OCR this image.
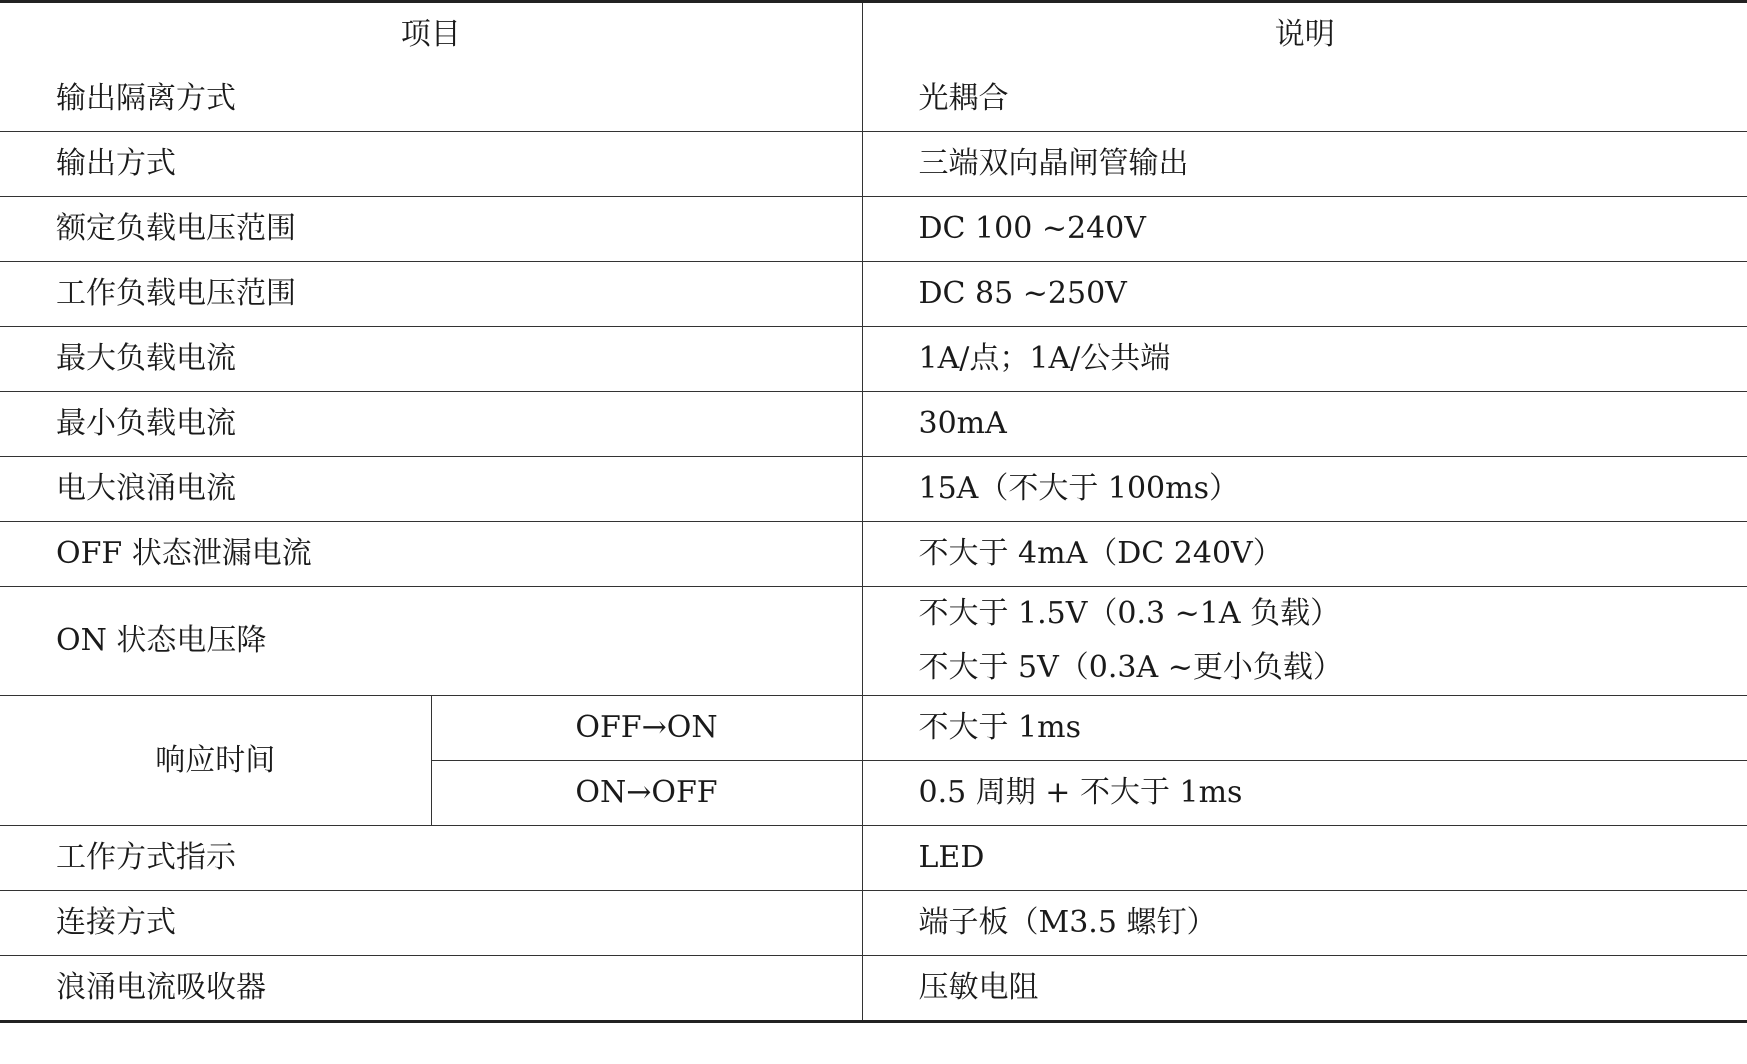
项目		说明
输出隔离方式		光耦合
输出方式		三端双向晶闸管输出
额定负载电压范围		DC 100 ~240V
工作负载电压范围		DC 85 ~250V
最大负载电流		1A/点；1A/公共端
最小负载电流		30mA
电大浪涌电流		15A（不大于 100ms）
OFF 状态泄漏电流		不大于 4mA（DC 240V）
ON 状态电压降		不大于 1.5V（0.3 ~1A 负载）
不大于 5V（0.3A ~更小负载）

响应时间	OFF→ON	不大于 1ms
	ON→OFF	0.5 周期 + 不大于 1ms
工作方式指示		LED
连接方式		端子板（M3.5 螺钉）
浪涌电流吸收器		压敏电阻
